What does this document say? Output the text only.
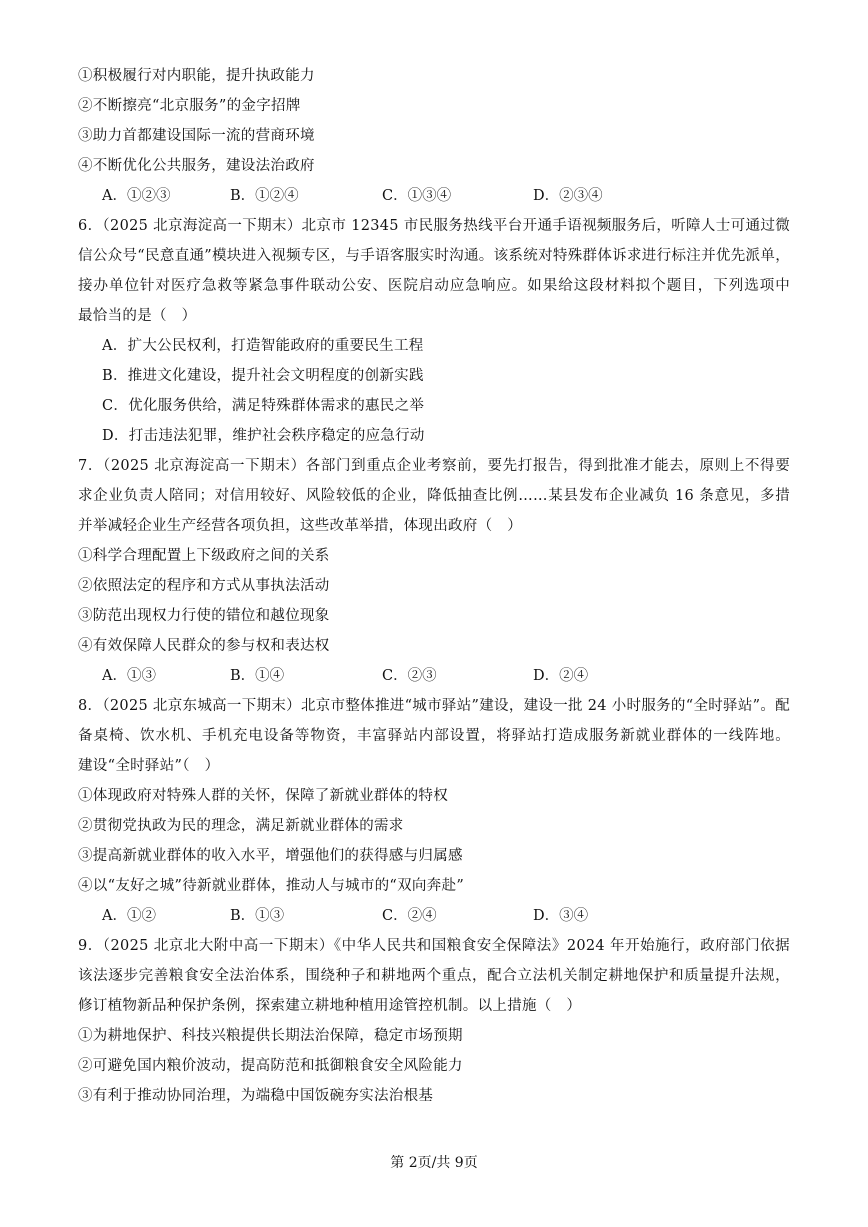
①积极履行对内职能，提升执政能力
②不断擦亮“北京服务”的金字招牌
③助力首都建设国际一流的营商环境
④不断优化公共服务，建设法治政府
A．①②③	B．①②④	C．①③④	D．②③④
6．（2025 北京海淀高一下期末）北京市 12345 市民服务热线平台开通手语视频服务后，听障人士可通过微
信公众号“民意直通”模块进入视频专区，与手语客服实时沟通。该系统对特殊群体诉求进行标注并优先派单，
接办单位针对医疗急救等紧急事件联动公安、医院启动应急响应。如果给这段材料拟个题目，下列选项中
最恰当的是（　）
A．扩大公民权利，打造智能政府的重要民生工程
B．推进文化建设，提升社会文明程度的创新实践
C．优化服务供给，满足特殊群体需求的惠民之举
D．打击违法犯罪，维护社会秩序稳定的应急行动
7．（2025 北京海淀高一下期末）各部门到重点企业考察前，要先打报告，得到批准才能去，原则上不得要
求企业负责人陪同；对信用较好、风险较低的企业，降低抽查比例……某县发布企业减负 16 条意见，多措
并举减轻企业生产经营各项负担，这些改革举措，体现出政府（　）
①科学合理配置上下级政府之间的关系
②依照法定的程序和方式从事执法活动
③防范出现权力行使的错位和越位现象
④有效保障人民群众的参与权和表达权
A．①③	B．①④	C．②③	D．②④
8．（2025 北京东城高一下期末）北京市整体推进“城市驿站”建设，建设一批 24 小时服务的“全时驿站”。配
备桌椅、饮水机、手机充电设备等物资，丰富驿站内部设置，将驿站打造成服务新就业群体的一线阵地。
建设“全时驿站”（　）
①体现政府对特殊人群的关怀，保障了新就业群体的特权
②贯彻党执政为民的理念，满足新就业群体的需求
③提高新就业群体的收入水平，增强他们的获得感与归属感
④以“友好之城”待新就业群体，推动人与城市的“双向奔赴”
A．①②	B．①③	C．②④	D．③④
9．（2025 北京北大附中高一下期末）《中华人民共和国粮食安全保障法》2024 年开始施行，政府部门依据
该法逐步完善粮食安全法治体系，围绕种子和耕地两个重点，配合立法机关制定耕地保护和质量提升法规，
修订植物新品种保护条例，探索建立耕地种植用途管控机制。以上措施（　）
①为耕地保护、科技兴粮提供长期法治保障，稳定市场预期
②可避免国内粮价波动，提高防范和抵御粮食安全风险能力
③有利于推动协同治理，为端稳中国饭碗夯实法治根基
第 2页/共 9页
